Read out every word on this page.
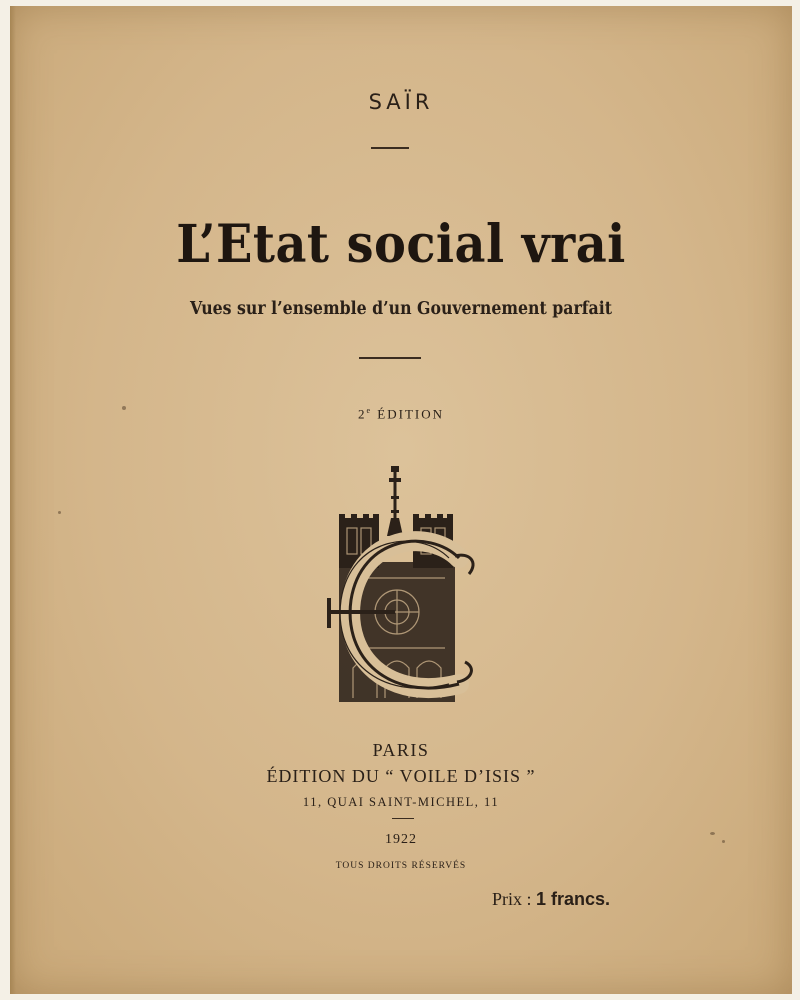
SAÏR
L’Etat social vrai
Vues sur l’ensemble d’un Gouvernement parfait
2e ÉDITION
PARIS
ÉDITION DU “ VOILE D’ISIS ”
11, QUAI SAINT-MICHEL, 11
1922
TOUS DROITS RÉSERVÉS
Prix : 1 francs.
